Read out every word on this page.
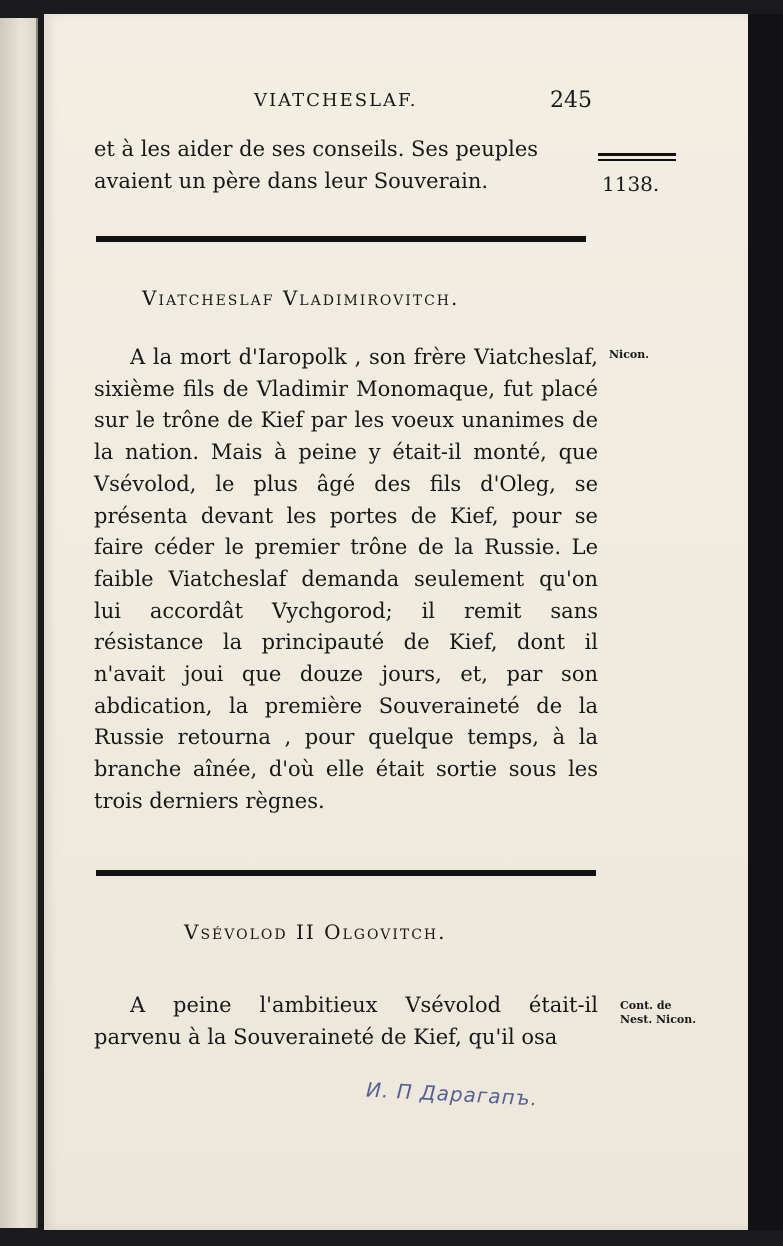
VIATCHESLAF.	245

et à les aider de ses conseils. Ses peuples

avaient un père dans leur Souverain.	1138.
Viatcheslaf Vladimirovitch.
Nicon.

A la mort d'Iaropolk , son frère Viatcheslaf, sixième fils de Vladimir Monomaque, fut placé sur le trône de Kief par les voeux unanimes de la nation. Mais à peine y était-il monté, que Vsévolod, le plus âgé des fils d'Oleg, se présenta devant les portes de Kief, pour se faire céder le premier trône de la Russie. Le faible Viatcheslaf demanda seulement qu'on lui accordât Vychgorod; il remit sans résistance la principauté de Kief, dont il n'avait joui que douze jours, et, par son abdication, la première Souveraineté de la Russie retourna , pour quelque temps, à la branche aînée, d'où elle était sortie sous les trois derniers règnes.

Vsévolod II Olgovitch.
Cont. de
Nest. Nicon.

A peine l'ambitieux Vsévolod était-il parvenu à la Souveraineté de Kief, qu'il osa

И. П Дарагапъ.
